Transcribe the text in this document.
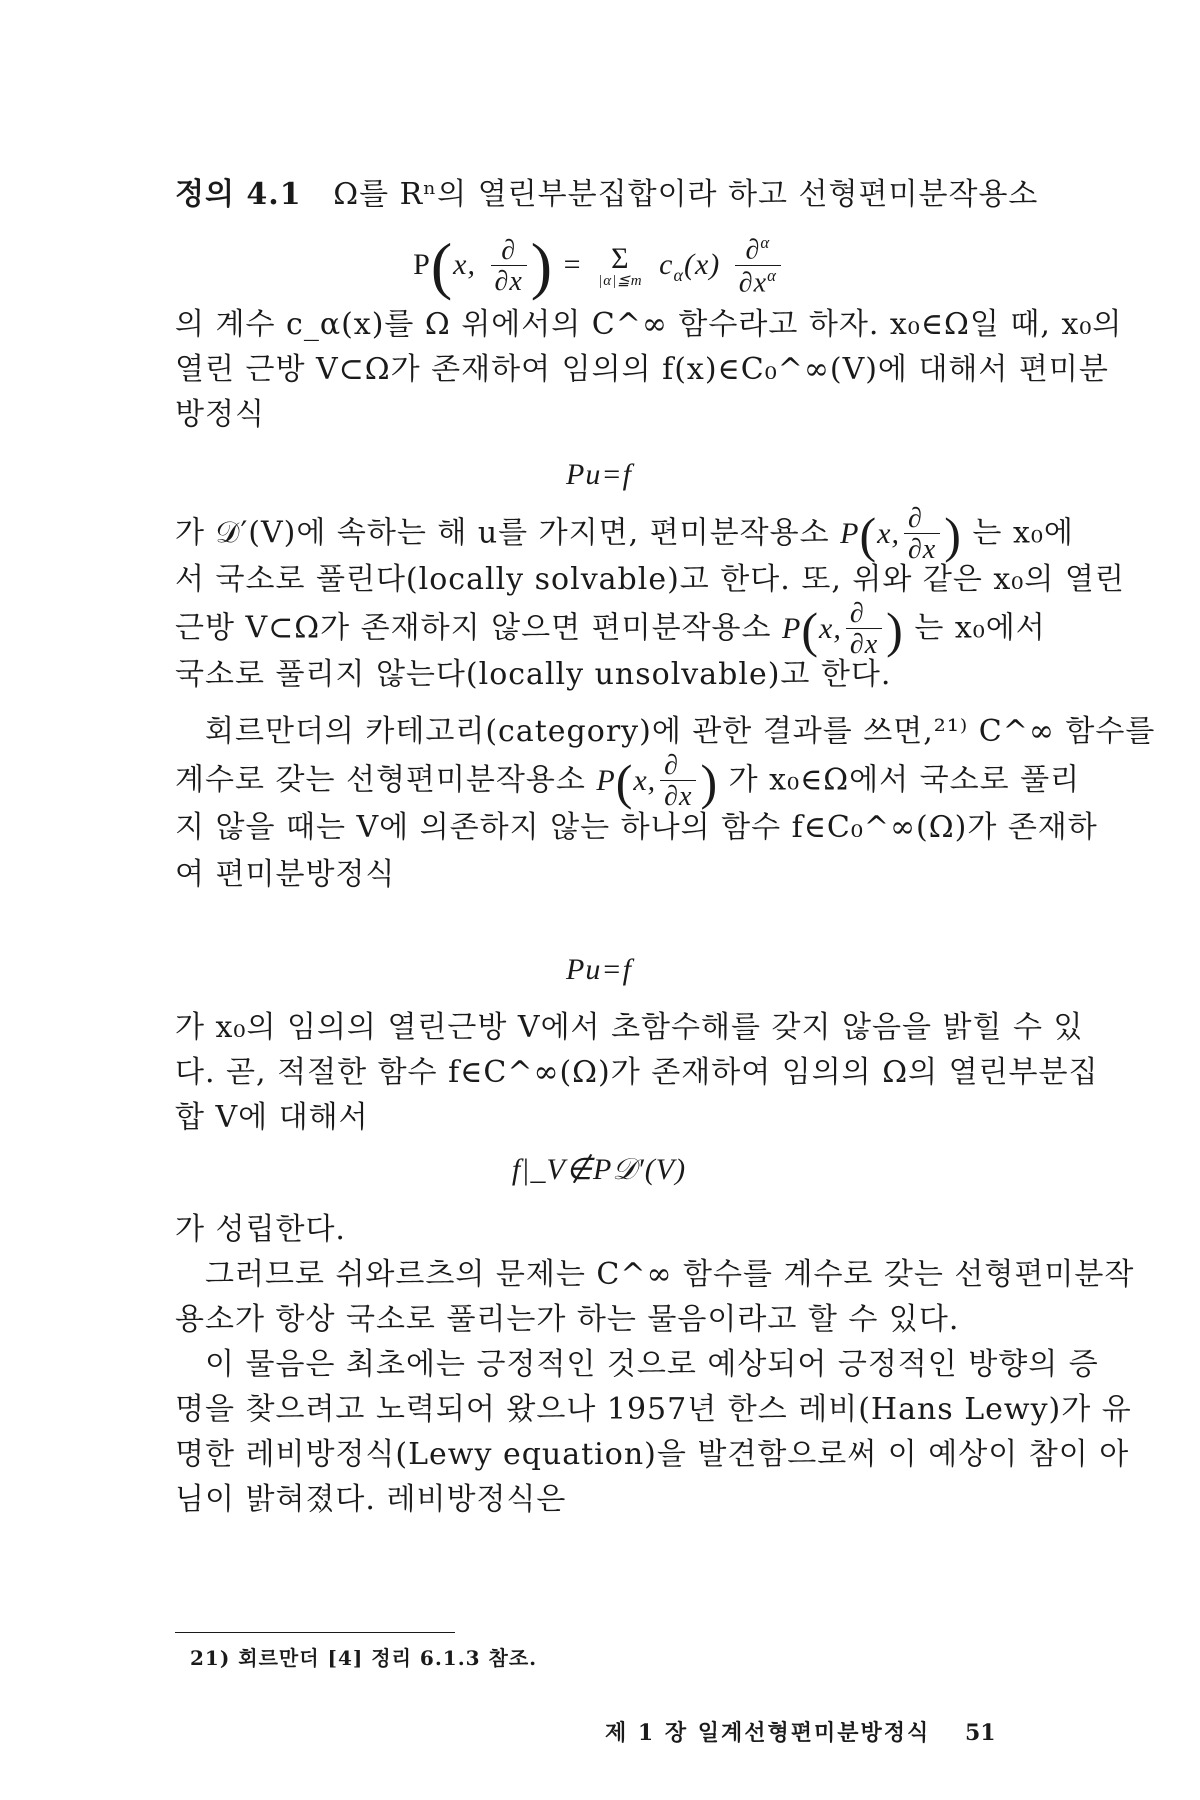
정의 4.1 Ω를 Rⁿ의 열린부분집합이라 하고 선형편미분작용소
P(x, $\frac{\partial}{\partial x}$ ) = Σ
|α|≦m $c_\alpha(x) \frac{\partial^\alpha}{\partial x^\alpha}$
의 계수 c_α(x)를 Ω 위에서의 C^∞ 함수라고 하자. x₀∈Ω일 때, x₀의
열린 근방 V⊂Ω가 존재하여 임의의 f(x)∈C₀^∞(V)에 대해서 편미분
방정식
Pu=f
가 𝒟′(V)에 속하는 해 u를 가지면, 편미분작용소 P(x, $\frac{\partial}{\partial x}$ ) 는 x₀에
서 국소로 풀린다(locally solvable)고 한다. 또, 위와 같은 x₀의 열린
근방 V⊂Ω가 존재하지 않으면 편미분작용소 P(x, $\frac{\partial}{\partial x}$ ) 는 x₀에서
국소로 풀리지 않는다(locally unsolvable)고 한다.
회르만더의 카테고리(category)에 관한 결과를 쓰면,²¹⁾ C^∞ 함수를
계수로 갖는 선형편미분작용소 P(x, $\frac{\partial}{\partial x}$ ) 가 x₀∈Ω에서 국소로 풀리
지 않을 때는 V에 의존하지 않는 하나의 함수 f∈C₀^∞(Ω)가 존재하
여 편미분방정식
Pu=f
가 x₀의 임의의 열린근방 V에서 초함수해를 갖지 않음을 밝힐 수 있
다. 곧, 적절한 함수 f∈C^∞(Ω)가 존재하여 임의의 Ω의 열린부분집
합 V에 대해서
f|_V∉P𝒟′(V)
가 성립한다.
그러므로 쉬와르츠의 문제는 C^∞ 함수를 계수로 갖는 선형편미분작
용소가 항상 국소로 풀리는가 하는 물음이라고 할 수 있다.
이 물음은 최초에는 긍정적인 것으로 예상되어 긍정적인 방향의 증
명을 찾으려고 노력되어 왔으나 1957년 한스 레비(Hans Lewy)가 유
명한 레비방정식(Lewy equation)을 발견함으로써 이 예상이 참이 아
님이 밝혀졌다. 레비방정식은
21) 회르만더 [4] 정리 6.1.3 참조.
제 1 장 일계선형편미분방정식 51
